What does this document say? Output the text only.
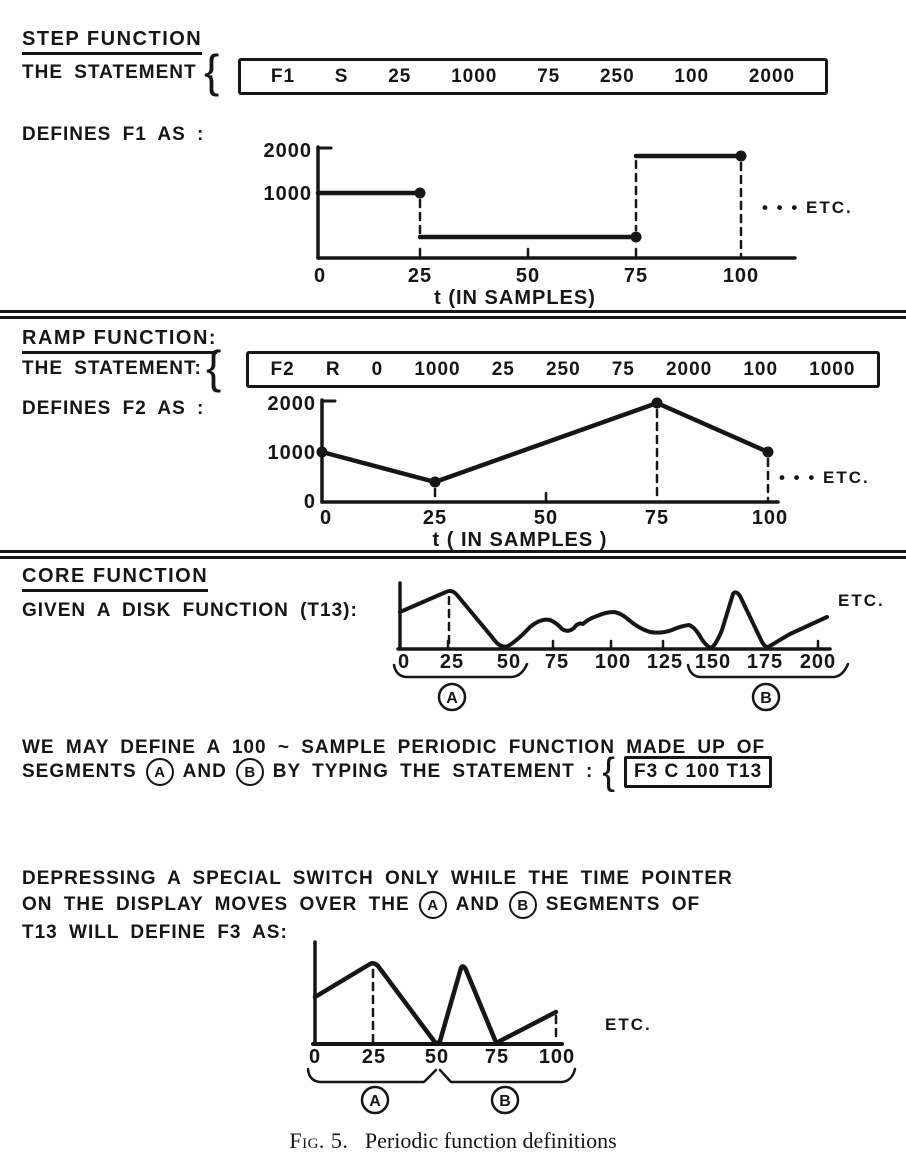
STEP FUNCTION
THE STATEMENT :
{	F1 S 25 1000 75 250 100 2000
DEFINES F1 AS :
2000
1000
0	25	50	75	100
t (IN SAMPLES)
• • • ETC.
RAMP FUNCTION:
THE STATEMENT: {	F2 R 0 1000 25 250 75 2000 100 1000
DEFINES F2 AS :	2000
1000
0
0	25	50	75	100
t ( IN SAMPLES )
• • • ETC.
CORE FUNCTION
GIVEN A DISK FUNCTION (T13):
0 25 50 75 100 125 150 175 200
A	B
ETC.
WE MAY DEFINE A 100 ~ SAMPLE PERIODIC FUNCTION MADE UP OF
SEGMENTS	A AND	B BY TYPING THE STATEMENT : {	F3 C 100 T13
DEPRESSING A SPECIAL SWITCH ONLY WHILE THE TIME POINTER
ON THE DISPLAY MOVES OVER THE	A AND	B SEGMENTS OF
T13 WILL DEFINE F3 AS:
0 25 50 75 100
A	B
ETC.
Fig. 5. Periodic function definitions
